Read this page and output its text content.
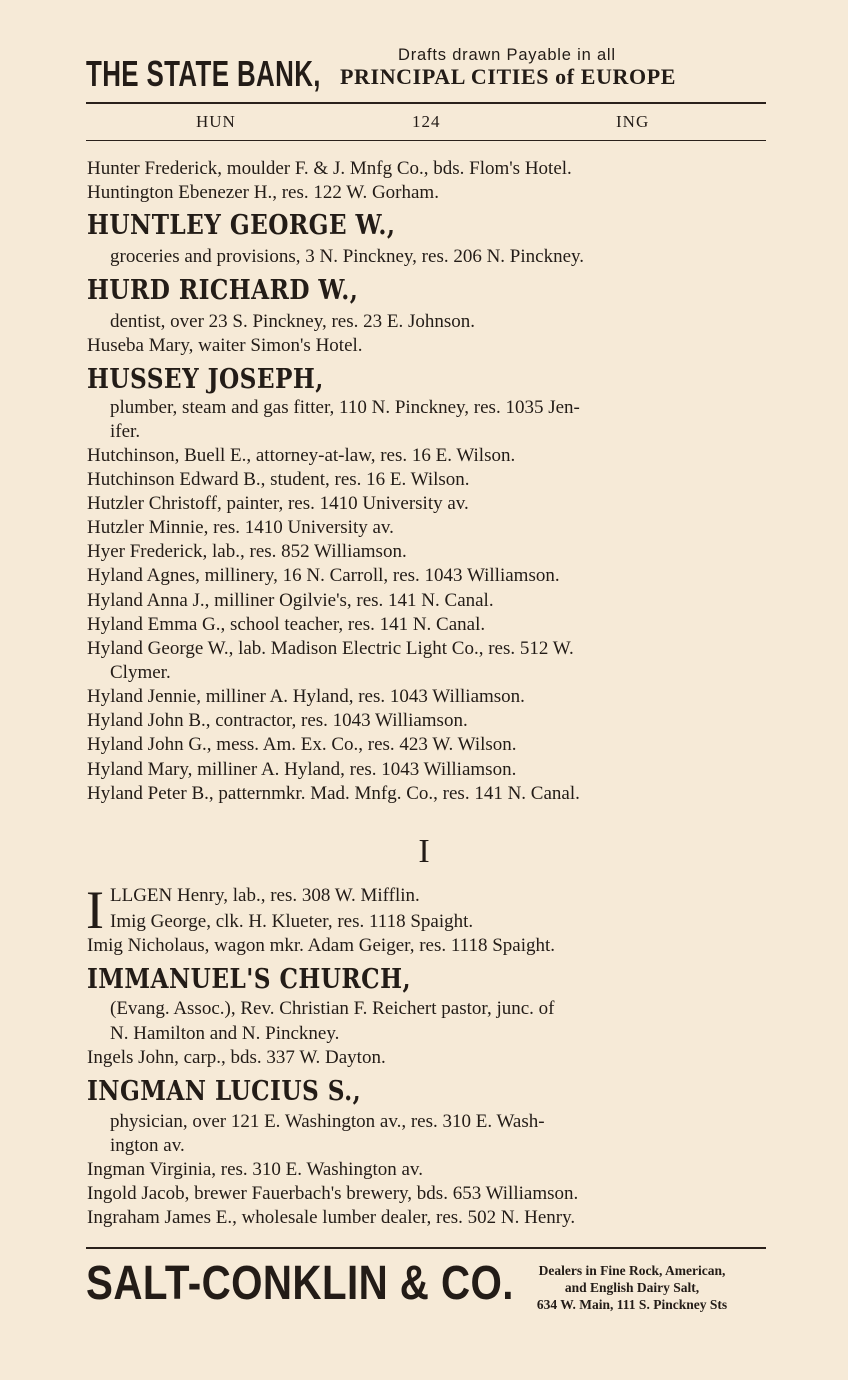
THE STATE BANK,	Drafts drawn Payable in all
PRINCIPAL CITIES of EUROPE
HUN	124	ING
Hunter Frederick, moulder F. & J. Mnfg Co., bds. Flom's Hotel.
Huntington Ebenezer H., res. 122 W. Gorham.
HUNTLEY GEORGE W.,
groceries and provisions, 3 N. Pinckney, res. 206 N. Pinckney.
HURD RICHARD W.,
dentist, over 23 S. Pinckney, res. 23 E. Johnson.
Huseba Mary, waiter Simon's Hotel.
HUSSEY JOSEPH,
plumber, steam and gas fitter, 110 N. Pinckney, res. 1035 Jen-
ifer.
Hutchinson, Buell E., attorney-at-law, res. 16 E. Wilson.
Hutchinson Edward B., student, res. 16 E. Wilson.
Hutzler Christoff, painter, res. 1410 University av.
Hutzler Minnie, res. 1410 University av.
Hyer Frederick, lab., res. 852 Williamson.
Hyland Agnes, millinery, 16 N. Carroll, res. 1043 Williamson.
Hyland Anna J., milliner Ogilvie's, res. 141 N. Canal.
Hyland Emma G., school teacher, res. 141 N. Canal.
Hyland George W., lab. Madison Electric Light Co., res. 512 W.
Clymer.
Hyland Jennie, milliner A. Hyland, res. 1043 Williamson.
Hyland John B., contractor, res. 1043 Williamson.
Hyland John G., mess. Am. Ex. Co., res. 423 W. Wilson.
Hyland Mary, milliner A. Hyland, res. 1043 Williamson.
Hyland Peter B., patternmkr. Mad. Mnfg. Co., res. 141 N. Canal.
I
I LLGEN Henry, lab., res. 308 W. Mifflin.
Imig George, clk. H. Klueter, res. 1118 Spaight.
Imig Nicholaus, wagon mkr. Adam Geiger, res. 1118 Spaight.
IMMANUEL'S CHURCH,
(Evang. Assoc.), Rev. Christian F. Reichert pastor, junc. of
N. Hamilton and N. Pinckney.
Ingels John, carp., bds. 337 W. Dayton.
INGMAN LUCIUS S.,
physician, over 121 E. Washington av., res. 310 E. Wash-
ington av.
Ingman Virginia, res. 310 E. Washington av.
Ingold Jacob, brewer Fauerbach's brewery, bds. 653 Williamson.
Ingraham James E., wholesale lumber dealer, res. 502 N. Henry.
SALT-CONKLIN & CO.	Dealers in Fine Rock, American,
and English Dairy Salt,
634 W. Main, 111 S. Pinckney Sts
